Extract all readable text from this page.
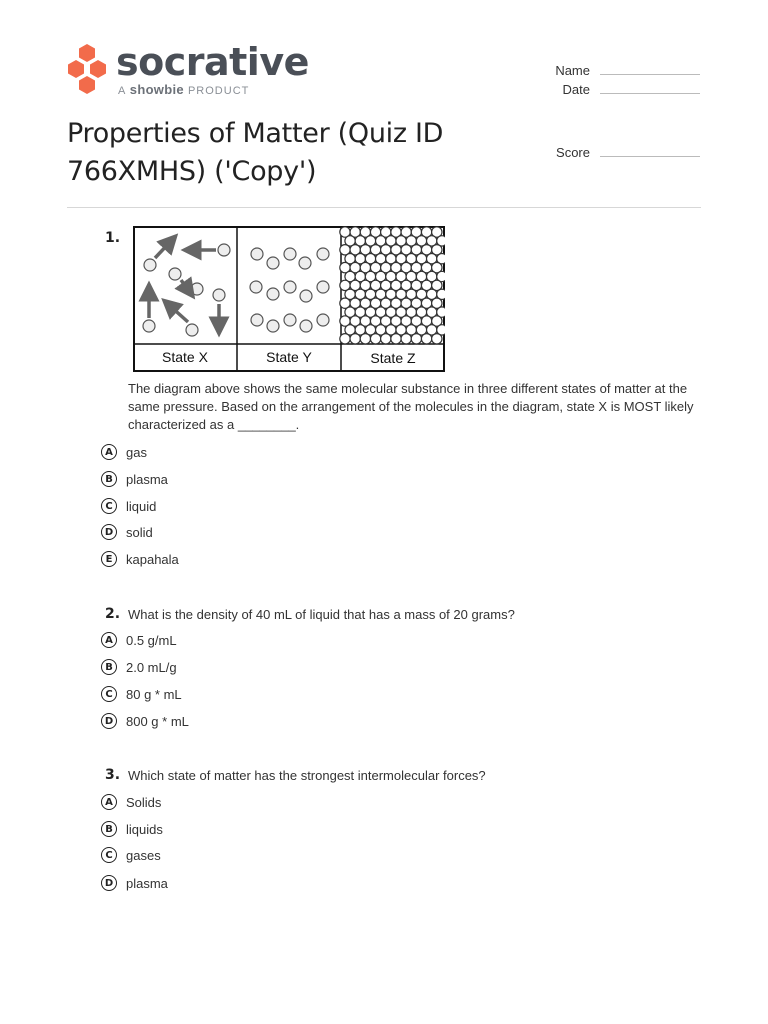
socrative
A showbie PRODUCT
Name
Date
Score
Properties of Matter (Quiz ID 766XMHS) ('Copy')
1.
State X	State Y	State Z
The diagram above shows the same molecular substance in three different states of matter at the same pressure. Based on the arrangement of the molecules in the diagram, state X is MOST likely characterized as a ________.
A	gas
B	plasma
C	liquid
D solid
E	kapahala
2. What is the density of 40 mL of liquid that has a mass of 20 grams?
A	0.5 g/mL
B	2.0 mL/g
C	80 g * mL
D 800 g * mL
3. Which state of matter has the strongest intermolecular forces?
A	Solids
B	liquids
C	gases
D plasma
